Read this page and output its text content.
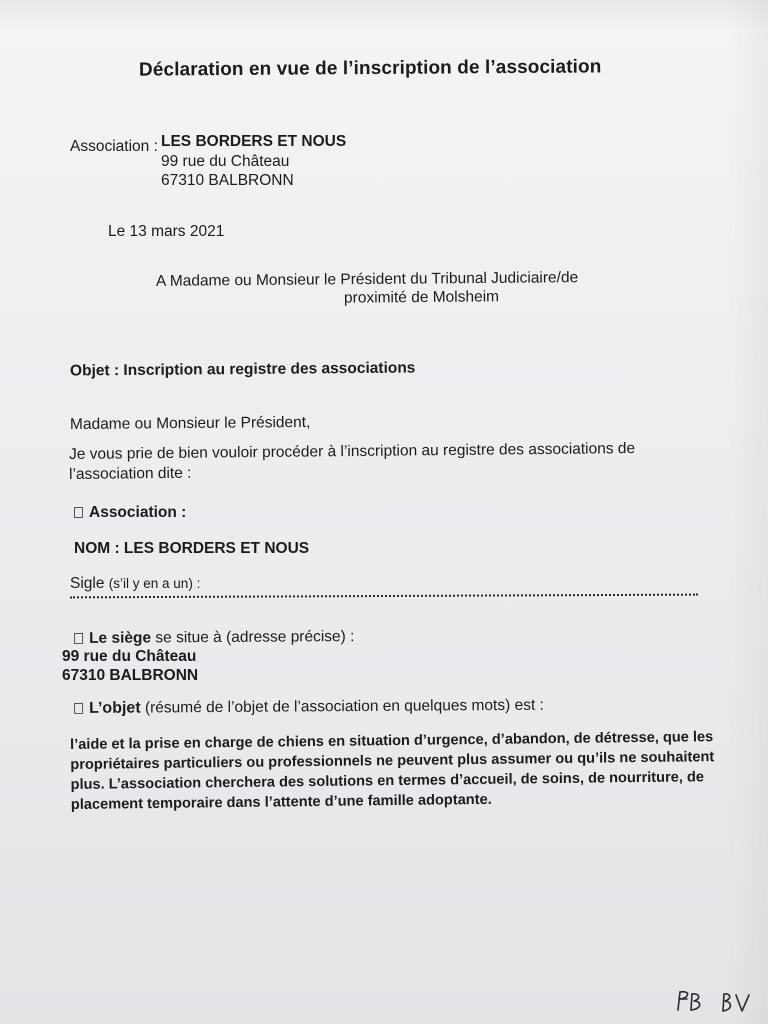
Déclaration en vue de l’inscription de l’association
Association : LES BORDERS ET NOUS
99 rue du Château
67310 BALBRONN
Le 13 mars 2021
A Madame ou Monsieur le Président du Tribunal Judiciaire/de
proximité de Molsheim
Objet : Inscription au registre des associations
Madame ou Monsieur le Président,
Je vous prie de bien vouloir procéder à l’inscription au registre des associations de
l’association dite :
Association :
NOM : LES BORDERS ET NOUS
Sigle (s’il y en a un) :
Le siège se situe à (adresse précise) :
99 rue du Château
67310 BALBRONN
L’objet (résumé de l’objet de l’association en quelques mots) est :
l’aide et la prise en charge de chiens en situation d’urgence, d’abandon, de détresse, que les
propriétaires particuliers ou professionnels ne peuvent plus assumer ou qu’ils ne souhaitent
plus. L’association cherchera des solutions en termes d’accueil, de soins, de nourriture, de
placement temporaire dans l’attente d’une famille adoptante.
